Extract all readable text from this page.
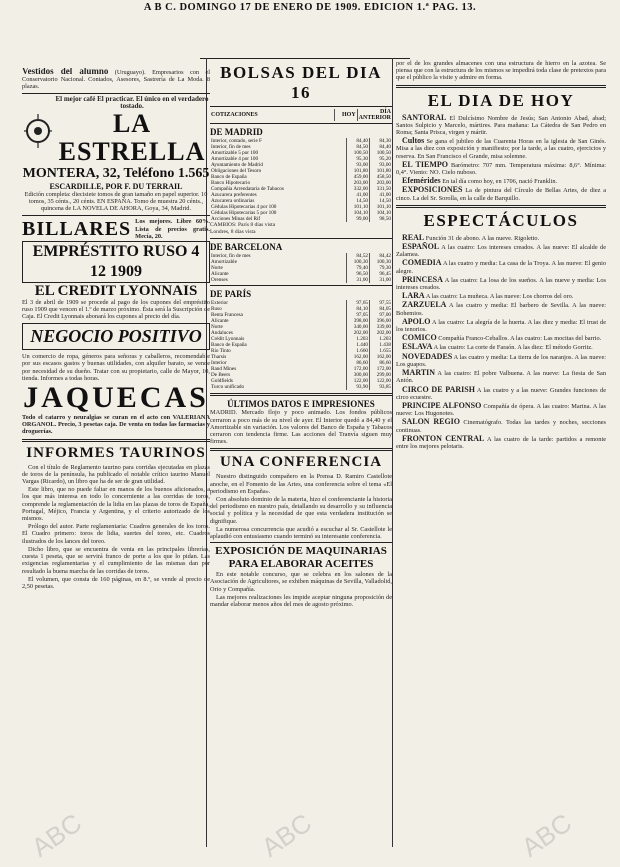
A B C. DOMINGO 17 DE ENERO DE 1909. EDICION 1.ª PAG. 13.
Vestidos del alumno (Uruguayo). Empresarios con el Conservatorio Nacional. Contados, Asesores, Sastrería de La Moda. 8 plazas.
El mejor café El practicar. El único en el verdadero tostado.
LA ESTRELLA
MONTERA, 32, Teléfono 1.565
ESCARDILLE, POR F. DU TERRAIL
Edición completa: diecisiete tomos de gran tamaño en papel superior. 10 tomos, 35 cénts., 20 cénts. EN ESPAÑA. Tomo de muestra 20 cénts., quincena de LA NOVELA DE AHORA, Goya, 34, Madrid.
BILLARES Los mejores. Libre 60%. Lista de precios gratis. Mecía, 20.
EMPRÉSTITO RUSO 4 12 1909
EL CREDIT LYONNAIS
El 3 de abril de 1909 se procede al pago de los cupones del empréstito ruso 1909 que vencen el 1.º de marzo próximo. Ésta será la Suscripción de Caja. El Credit Lyonnais abonará los cupones al precio del día.
NEGOCIO POSITIVO
Un comercio de ropa, géneros para señoras y caballeros, recomendable por sus escasos gastos y buenas utilidades, con alquiler barato, se vende por necesidad de su dueño. Tratar con su propietario, calle de Mayor, 10, tienda. Informes a todas horas.
JAQUECAS
Todo el catarro y neuralgias se curan en el acto con VALERIANA ORGANOL. Precio, 3 pesetas caja. De venta en todas las farmacias y droguerías.
INFORMES TAURINOS

Con el título de Reglamento taurino para corridas ejecutadas en plazas de toros de la península, ha publicado el notable crítico taurino Manuel Vargas (Ricardo), un libro que ha de ser de gran utilidad.

Este libro, que no puede faltar en manos de los buenos aficionados, a los que más interesa en todo lo concerniente a las corridas de toros, comprende la reglamentación de la lidia en las plazas de toros de España, Portugal, Méjico, Francia y Argentina, y el criterio autorizado de los mismos.

Prólogo del autor. Parte reglamentaria: Cuadros generales de los toros. El Cuadro primero: toros de lidia, suertes del toreo, etc. Cuadros ilustrados de los lances del toreo.

Dicho libro, que se encuentra de venta en las principales librerías, cuesta 1 peseta, que se servirá franco de porte a los que lo pidan. Las exigencias reglamentarias y el cumplimiento de las mismas dan por resultado la buena marcha de las corridas de toros.

El volumen, que consta de 160 páginas, en 8.º, se vende al precio de 2,50 pesetas.

BOLSAS DEL DIA 16
COTIZACIONES	HOY	DÍA ANTERIOR
DE MADRID
Interior, contado, serie F	84,40	84,30
Interior, fin de mes	84,50	84,40
Amortizable 5 por 100	100,50	100,50
Amortizable 4 por 100	95,30	95,20
Ayuntamiento de Madrid	93,00	93,00
Obligaciones del Tesoro	101,80	101,80
Banco de España	459,00	458,50
Banco Hipotecario	203,00	203,00
Compañía Arrendataria de Tabacos	332,00	331,50
Azucarera preferentes	41,00	41,00
Azucarera ordinarias	14,50	14,50
Cédulas Hipotecarias 4 por 100	101,10	101,10
Cédulas Hipotecarias 5 por 100	104,10	104,10
Acciones Minas del Rif	99,00	98,50
CAMBIOS: París 8 días vista
Londres, 8 días vista
DE BARCELONA
Interior, fin de mes	84,52	84,42
Amortizable	100,30	100,30
Norte	79,40	79,30
Alicante	96,50	96,45
Orenses	31,00	31,00
DE PARÍS
Exterior	97,65	97,55
Ruso	84,10	84,05
Renta Francesa	97,05	97,00
Alicante	398,00	396,00
Norte	340,00	339,00
Andaluces	202,00	202,00
Crédit Lyonnais	1.203	1.203
Banco de España	1.440	1.438
Río Tinto	1.660	1.655
Tharsis	162,00	162,00
Interior	86,60	86,60
Rand Mines	172,00	172,00
De Beers	300,00	299,00
Goldfields	122,00	122,00
Turco unificado	93,90	93,85
ÚLTIMOS DATOS E IMPRESIONES
MADRID. Mercado flojo y poco animado. Los fondos públicos cerraron a poco más de su nivel de ayer. El Interior quedó a 84,40 y el Amortizable sin variación. Los valores del Banco de España y Tabacos cerraron con tendencia firme. Las acciones del Tranvía siguen muy firmes.
UNA CONFERENCIA

Nuestro distinguido compañero en la Prensa D. Ramiro Castellote anoche, en el Fomento de las Artes, una conferencia sobre el tema «El periodismo en España».

Con absoluto dominio de la materia, hizo el conferenciante la historia del periodismo en nuestro país, detallando su desarrollo y su influencia social y política y la necesidad de que esta verdadera institución se dignifique.

La numerosa concurrencia que acudió a escuchar al Sr. Castellote le aplaudió con entusiasmo cuando terminó su interesante conferencia.

EXPOSICIÓN DE MAQUINARIAS PARA ELABORAR ACEITES

En este notable concurso, que se celebra en los salones de la Asociación de Agricultores, se exhiben máquinas de Sevilla, Valladolid, Orio y Compañía.

Las mejores realizaciones les impide aceptar ninguna proposición de mandar elaborar menos años del mes de agosto próximo.

por el de los grandes almacenes con una estructura de hierro en la azotea. Se piensa que con la estructura de los mismos se impedirá toda clase de pretextos para que el público la visite y admire en forma.
EL DIA DE HOY

SANTORAL El Dulcísimo Nombre de Jesús; San Antonio Abad, abad; Santos Sulpicio y Marcelo, mártires. Para mañana: La Cátedra de San Pedro en Roma; Santa Prisca, virgen y mártir.

Cultos Se gana el jubileo de las Cuarenta Horas en la iglesia de San Ginés. Misa a las diez con exposición y manifiesto; por la tarde, a las cuatro, ejercicios y reserva. En San Francisco el Grande, misa solemne.

EL TIEMPO Barómetro: 707 mm. Temperatura máxima: 8,6°. Mínima: 0,4°. Viento: NO. Cielo nuboso.

Efemérides En tal día como hoy, en 1706, nació Franklin.

EXPOSICIONES La de pintura del Círculo de Bellas Artes, de diez a cinco. La del Sr. Sorolla, en la calle de Barquillo.

ESPECTÁCULOS

REAL Función 31 de abono. A las nueve. Rigoletto.

ESPAÑOL A las cuatro: Los intereses creados. A las nueve: El alcalde de Zalamea.

COMEDIA A las cuatro y media: La casa de la Troya. A las nueve: El genio alegre.

PRINCESA A las cuatro: La losa de los sueños. A las nueve y media: Los intereses creados.

LARA A las cuatro: La muñeca. A las nueve: Los chorros del oro.

ZARZUELA A las cuatro y media: El barbero de Sevilla. A las nueve: Bohemios.

APOLO A las cuatro: La alegría de la huerta. A las diez y media: El trust de los tenorios.

COMICO Compañía Franco-Ceballos. A las cuatro: Las mocitas del barrio.

ESLAVA A las cuatro: La corte de Faraón. A las diez: El método Gorritz.

NOVEDADES A las cuatro y media: La tierra de los naranjos. A las nueve: Los guapos.

MARTIN A las cuatro: El pobre Valbuena. A las nueve: La fiesta de San Antón.

CIRCO DE PARISH A las cuatro y a las nueve: Grandes funciones de circo ecuestre.

PRINCIPE ALFONSO Compañía de ópera. A las cuatro: Marina. A las nueve: Los Hugonotes.

SALON REGIO Cinematógrafo. Todas las tardes y noches, secciones continuas.

FRONTON CENTRAL A las cuatro de la tarde: partidos a remonte entre los mejores pelotaris.

ABC	ABC	ABC
